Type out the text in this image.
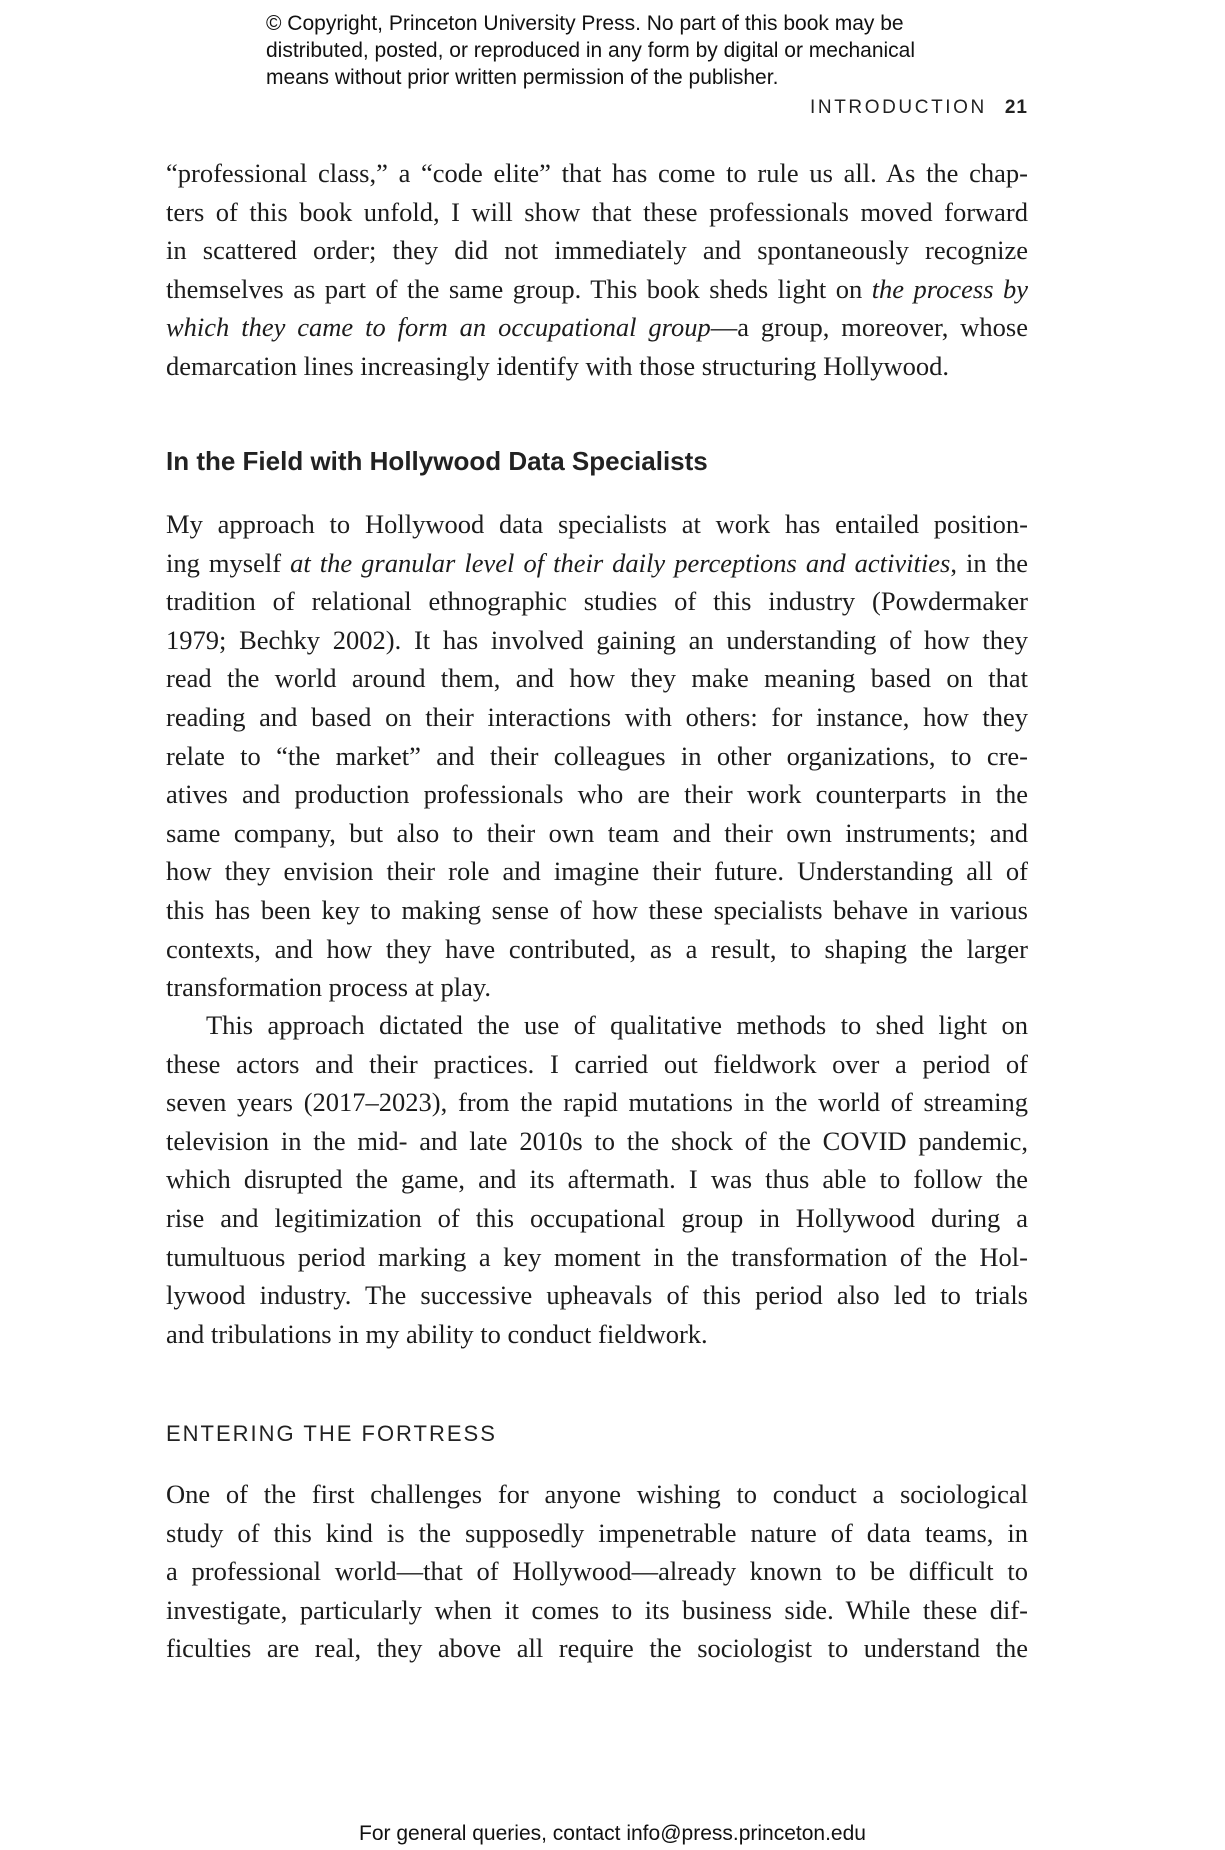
© Copyright, Princeton University Press. No part of this book may be
distributed, posted, or reproduced in any form by digital or mechanical
means without prior written permission of the publisher.
INTRODUCTION 21
“professional class,” a “code elite” that has come to rule us all. As the chap-
ters of this book unfold, I will show that these professionals moved forward
in scattered order; they did not immediately and spontaneously recognize
themselves as part of the same group. This book sheds light on the process by
which they came to form an occupational group—a group, moreover, whose
demarcation lines increasingly identify with those structuring Hollywood.
In the Field with Hollywood Data Specialists
My approach to Hollywood data specialists at work has entailed position-
ing myself at the granular level of their daily perceptions and activities, in the
tradition of relational ethnographic studies of this industry (Powdermaker
1979; Bechky 2002). It has involved gaining an understanding of how they
read the world around them, and how they make meaning based on that
reading and based on their interactions with others: for instance, how they
relate to “the market” and their colleagues in other organizations, to cre-
atives and production professionals who are their work counterparts in the
same company, but also to their own team and their own instruments; and
how they envision their role and imagine their future. Understanding all of
this has been key to making sense of how these specialists behave in various
contexts, and how they have contributed, as a result, to shaping the larger
transformation process at play.
This approach dictated the use of qualitative methods to shed light on
these actors and their practices. I carried out fieldwork over a period of
seven years (2017–2023), from the rapid mutations in the world of streaming
television in the mid- and late 2010s to the shock of the COVID pandemic,
which disrupted the game, and its aftermath. I was thus able to follow the
rise and legitimization of this occupational group in Hollywood during a
tumultuous period marking a key moment in the transformation of the Hol-
lywood industry. The successive upheavals of this period also led to trials
and tribulations in my ability to conduct fieldwork.
ENTERING THE FORTRESS
One of the first challenges for anyone wishing to conduct a sociological
study of this kind is the supposedly impenetrable nature of data teams, in
a professional world—that of Hollywood—already known to be difficult to
investigate, particularly when it comes to its business side. While these dif-
ficulties are real, they above all require the sociologist to understand the
For general queries, contact info@press.princeton.edu
